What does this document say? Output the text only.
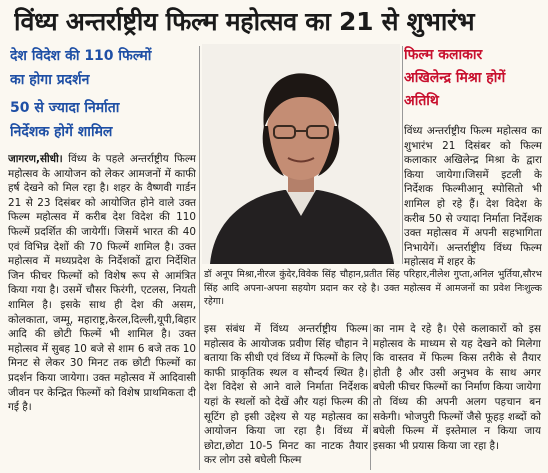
विंध्य अन्तर्राष्ट्रीय फिल्म महोत्सव का 21 से शुभारंभ
देश विदेश की 110 फिल्मों
का होगा प्रदर्शन
50 से ज्यादा निर्माता
निर्देशक होगें शामिल
जागरण,सीधी। विंध्य के पहले अन्तर्राष्ट्रीय फिल्म महोत्सव के आयोजन को लेकर आमजनों में काफी हर्ष देखने को मिल रहा है। शहर के वैष्णवी गार्डन 21 से 23 दिसंबर को आयोजित होने वाले उक्त फिल्म महोत्सव में करीब देश विदेश की 110 फिल्में प्रदर्शित की जायेगीं। जिसमें भारत की 40 एवं विभिन्न देशों की 70 फिल्में शामिल है। उक्त महोत्सव में मध्यप्रदेश के निर्देशकों द्वारा निर्देशित जिन फीचर फिल्मों को विशेष रूप से आमंत्रित किया गया है। उसमें चौसर फिरंगी, एटलस, नियती शामिल है। इसके साथ ही देश की असम, कोलकाता, जम्मू, महाराष्ट्र,केरल,दिल्ली,यूपी,बिहार आदि की छोटी फिल्में भी शामिल है। उक्त महोत्सव में सुबह 10 बजे से शाम 6 बजे तक 10 मिनट से लेकर 30 मिनट तक छोटी फिल्मों का प्रदर्शन किया जायेगा। उक्त महोत्सव में आदिवासी जीवन पर केन्द्रित फिल्मों को विशेष प्राथमिकता दी गई है।
डॉ अनूप मिश्रा,नीरज कुंदेर,विवेक सिंह चौहान,प्रतीत सिंह परिहार,नीलेश गुप्ता,अनिल भुर्तिया,सौरभ सिंह आदि अपना-अपना सहयोग प्रदान कर रहे है। उक्त महोत्सव में आमजनों का प्रवेश निःशुल्क रहेगा।
फिल्म कलाकार
अखिलेन्द्र मिश्रा होगें
अतिथि
विंध्य अन्तर्राष्ट्रीय फिल्म महोत्सव का शुभारंभ 21 दिसंबर को फिल्म कलाकार अखिलेन्द्र मिश्रा के द्वारा किया जायेगा।जिसमें इटली के निर्देशक फिल्मीआनू स्पोसितो भी शामिल हो रहे हैं। देश विदेश के करीब 50 से ज्यादा निर्माता निर्देशक उक्त महोत्सव में अपनी सहभागिता निभायेगें। अन्तर्राष्ट्रीय विंध्य फिल्म महोत्सव में शहर के
इस संबंध में विंध्य अन्तर्राष्ट्रीय फिल्म महोत्सव के आयोजक प्रवीण सिंह चौहान ने बताया कि सीधी एवं विंध्य में फिल्मों के लिए काफी प्राकृतिक स्थल व सौन्दर्य स्थित है। देश विदेश से आने वाले निर्माता निर्देशक यहां के स्थलों को देखें और यहां फिल्म की सूटिंग हो इसी उद्देश्य से यह महोत्सव का आयोजन किया जा रहा है। विंध्य में छोटा,छोटा 10-5 मिनट का नाटक तैयार कर लोग उसे बघेली फिल्म
का नाम दे रहे है। ऐसे कलाकारों को इस महोत्सव के माध्यम से यह देखने को मिलेगा कि वास्तव में फिल्म किस तरीके से तैयार होती है और उसी अनुभव के साथ अगर बघेली फीचर फिल्मों का निर्माण किया जायेगा तो विंध्य की अपनी अलग पहचान बन सकेगी। भोजपुरी फिल्मों जैसे फूहड़ शब्दों को बघेली फिल्म में इस्तेमाल न किया जाय इसका भी प्रयास किया जा रहा है।
